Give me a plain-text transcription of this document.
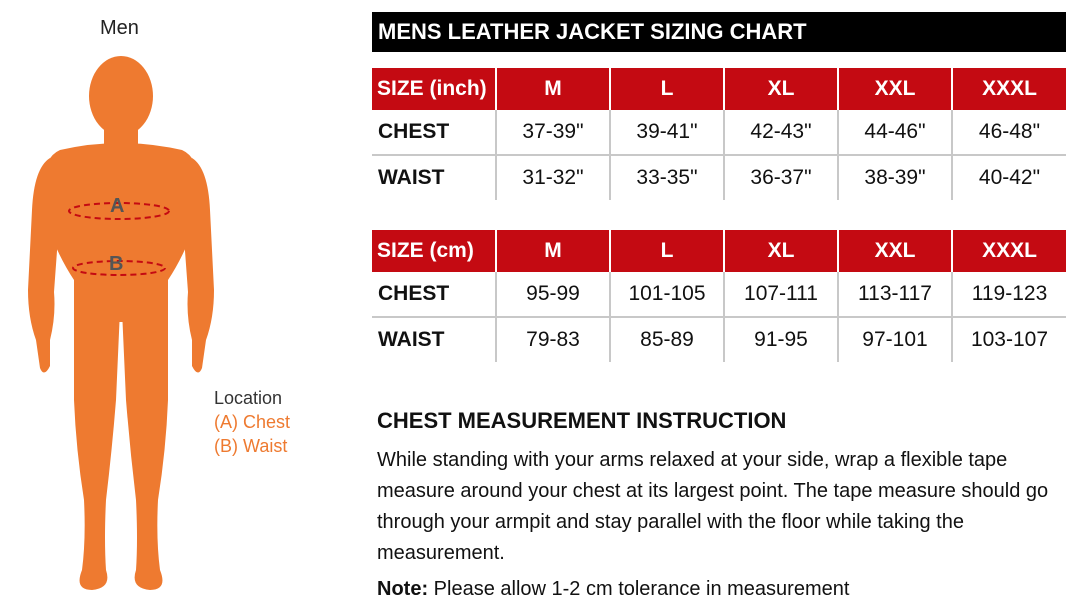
Men
A
B
Location
(A) Chest
(B) Waist
MENS LEATHER JACKET SIZING CHART
SIZE (inch)	M	L	XL	XXL	XXXL
CHEST	37-39"	39-41"	42-43"	44-46"	46-48"
WAIST	31-32"	33-35"	36-37"	38-39"	40-42"
SIZE (cm)	M	L	XL	XXL	XXXL
CHEST	95-99	101-105	107-111	113-117	119-123
WAIST	79-83	85-89	91-95	97-101	103-107
CHEST MEASUREMENT INSTRUCTION
While standing with your arms relaxed at your side, wrap a flexible tape measure around your chest at its largest point. The tape measure should go through your armpit and stay parallel with the floor while taking the measurement.
Note: Please allow 1-2 cm tolerance in measurement
